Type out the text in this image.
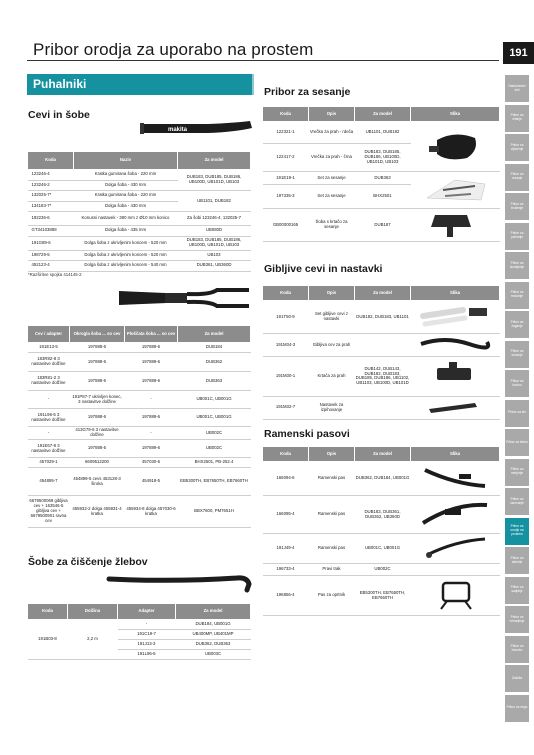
Pribor orodja za uporabo na prostem	191
Puhalniki
Cevi in šobe
makita
Koda	Naziv	Za model
123246-4	Kratka gumirana šoba - 220 mm	DUB183, DUB185, DUB186, UB100D, UB101D, UB103
123246-2	Dolga šoba - 430 mm	
132025-7*	Kratka gumirana šoba - 220 mm	UB1101, DUB182
134183-7*	Dolga šoba - 430 mm	
192236-6	Konusni nastavek - 380 mm z Ø10 mm konico	Za šobi 123246-4, 132025-7
GT34103888	Dolga šoba - 435 mm	UB080D
191G89-6	Dolga šoba z ukrivljenim koncem - 520 mm	DUB183, DUB185, DUB186, UB100D, UB101D, UB103
198729-5	Dolga šoba z ukrivljenim koncem - 520 mm	UB103
452123-4	Dolga šoba z ukrivljenim koncem - 540 mm	DUB361, UB360D
*Razširitve spojka 414145-2
Cev / adapter	Okrogla šoba ... so cev	Ploščata šoba ... so cev	Za model
191E13-5	197888-6	197889-6	DUB184
183R82-8 3 nastavitve dolžine	197888-6	197889-6	DUB362
183R81-2 3 nastavitve dolžine	197888-6	197889-6	DUB363
-	191P87-7 ukrivljen konec, 3 nastavitve dolžine	-	UB001C, UB001G
191L96-5 3 nastavitve dolžine	197888-6	197889-6	UB001C, UB001G
-	413G79-6 3 nastavitve dolžine	-	UB002C
191E67-8 3 nastavitve dolžine	197888-5	197889-6	UB002C
457029-1	6609512200	457030-6	BHX2501, PB-252.4
454895-7	454899-5 cevs 453128-3 široka	454918-5	EB5300TH, EB7650TH, EB7660TH
6679500069 gibljiva cev + 163546-5 gibljiva cev + 6679500901 ravna cev	455932-2 dolga 455931-4 kratka	455934-8 dolga 457030-6 kratka	BBX7600, PM7651H
Šobe za čiščenje žlebov
Koda	Dolžina	Adapter	Za model
191B03-8	2,2 m	-	DUB184, UB001G
		191C19-7	UB400MP, UB401MP
		191J13-3	DUB362, DUB363
		191L96-5	UB003C
Pribor za sesanje
Koda	Opis	Za model	Slika
122321-1	Vrečka za prah - rdeča	UB1101, DUB182	
122417-2	Vrečka za prah - črna	DUB183, DUB185, DUB186, UB100D, UB101D, UB103	
191E19-1	Set za sesanje	DUB363	
197335-3	Set za sesanje	BHX2501	
GB00000165	Šoba s krtačo za sesanje	DUB187	
Gibljive cevi in nastavki
Koda	Opis	Za model	Slika
191T50-9	Set gibljive cevi z nastavki	DUB182, DUB183, UB1101	
191M34-3	Gibljiva cev za prah		
191M30-1	Krtača za prah	DUB142, DUB143, DUB182, DUB183, DUB185, DUB186, UB1102, UB1103, UB100D, UB101D	
191M32-7	Nastavek za izpihovanje		
Ramenski pasovi
Koda	Opis	Za model	Slika
166094-6	Ramenski pas	DUB362, DUB184, UB001G	
166095-4	Ramenski pas	DUB183, DUB361, DUB362, UB360D	
191J49-4	Ramenski pas	UB001C, UB001G	
196733-4	Pravi trak	UB002C	
196856-4	Pas za oprtnik	EB5300TH, EB7650TH, EB7660TH	
Nadomestni deli
Pribor za vrtanje
Pribor za vijačenje
Pribor za rezanje
Pribor za brušenje
Pribor za poliranje
Pribor za skobljanje
Pribor za rezkanje
Pribor za žaganje
Pribor za sesanje
Pribor za kovino
Pribor za les
Pribor za beton
Pribor za merjenje
Pribor za varovanje
Pribor za orodje na prostem
Pribor za baterije
Pribor za sadjarje
Pribor za vrtnarjenje
Pribor za hrambo
Zaščita
Pribor za nego
